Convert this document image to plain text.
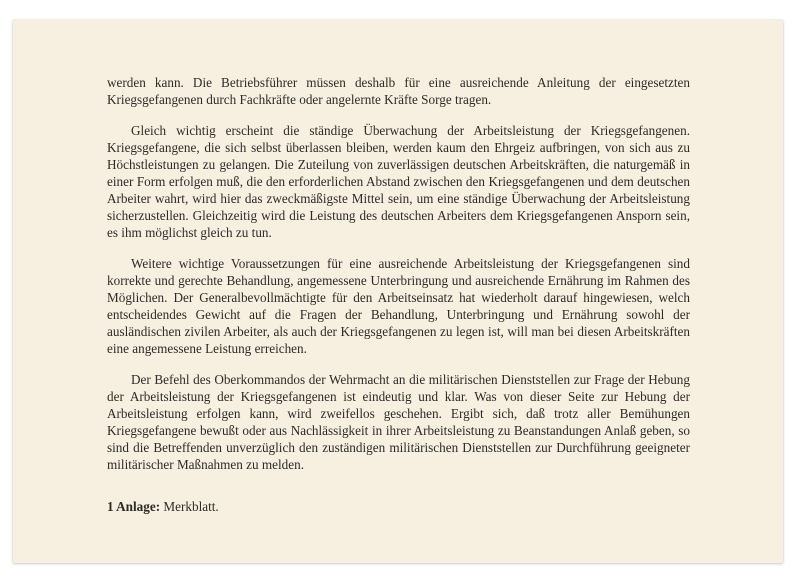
werden kann. Die Betriebsführer müssen deshalb für eine ausreichende Anleitung der eingesetzten Kriegsgefangenen durch Fachkräfte oder angelernte Kräfte Sorge tragen.

Gleich wichtig erscheint die ständige Überwachung der Arbeitsleistung der Kriegsgefangenen. Kriegsgefangene, die sich selbst überlassen bleiben, werden kaum den Ehrgeiz aufbringen, von sich aus zu Höchstleistungen zu gelangen. Die Zuteilung von zuverlässigen deutschen Arbeitskräften, die naturgemäß in einer Form erfolgen muß, die den erforderlichen Abstand zwischen den Kriegsgefangenen und dem deutschen Arbeiter wahrt, wird hier das zweckmäßigste Mittel sein, um eine ständige Überwachung der Arbeitsleistung sicherzustellen. Gleichzeitig wird die Leistung des deutschen Arbeiters dem Kriegsgefangenen Ansporn sein, es ihm möglichst gleich zu tun.

Weitere wichtige Voraussetzungen für eine ausreichende Arbeitsleistung der Kriegsgefangenen sind korrekte und gerechte Behandlung, angemessene Unterbringung und ausreichende Ernährung im Rahmen des Möglichen. Der Generalbevollmächtigte für den Arbeitseinsatz hat wiederholt darauf hingewiesen, welch entscheidendes Gewicht auf die Fragen der Behandlung, Unterbringung und Ernährung sowohl der ausländischen zivilen Arbeiter, als auch der Kriegsgefangenen zu legen ist, will man bei diesen Arbeitskräften eine angemessene Leistung erreichen.

Der Befehl des Oberkommandos der Wehrmacht an die militärischen Dienststellen zur Frage der Hebung der Arbeitsleistung der Kriegsgefangenen ist eindeutig und klar. Was von dieser Seite zur Hebung der Arbeitsleistung erfolgen kann, wird zweifellos geschehen. Ergibt sich, daß trotz aller Bemühungen Kriegsgefangene bewußt oder aus Nachlässigkeit in ihrer Arbeitsleistung zu Beanstandungen Anlaß geben, so sind die Betreffenden unverzüglich den zuständigen militärischen Dienststellen zur Durchführung geeigneter militärischer Maßnahmen zu melden.

1 Anlage: Merkblatt.
